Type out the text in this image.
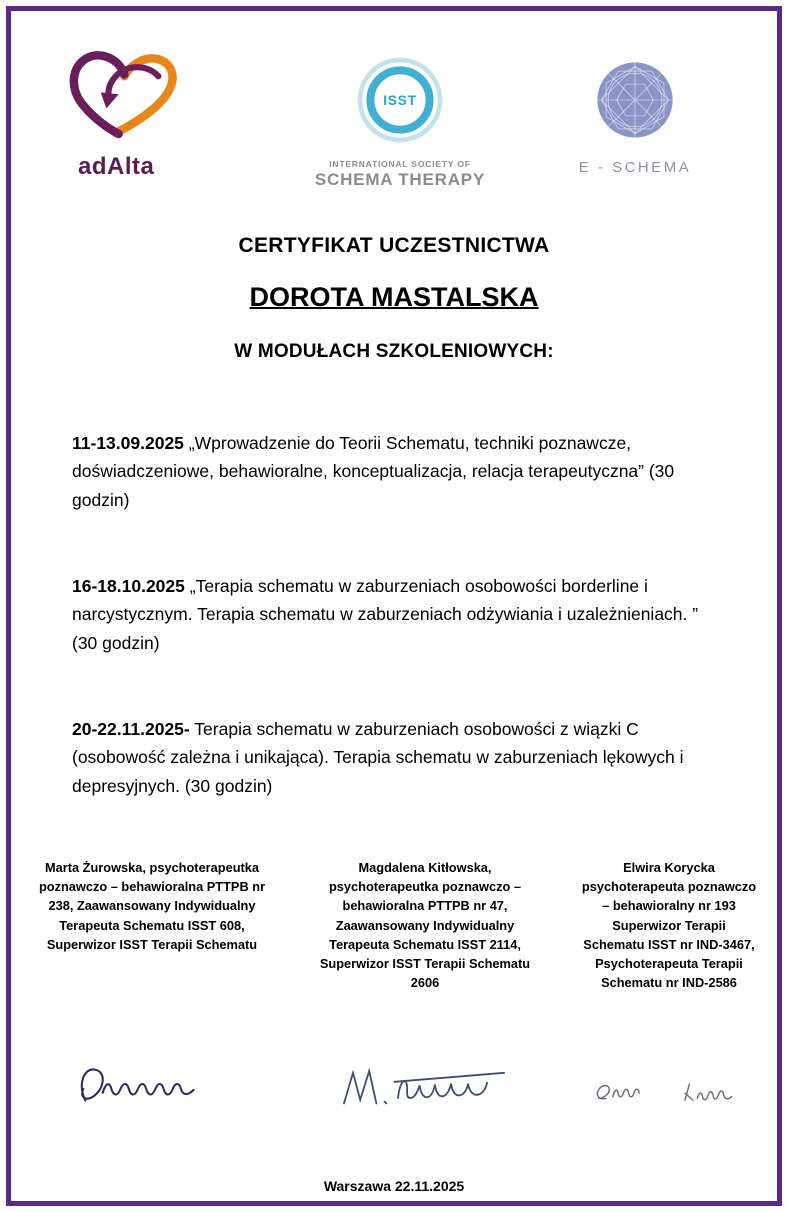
adAlta
ISST
INTERNATIONAL SOCIETY OF
SCHEMA THERAPY
E - SCHEMA
CERTYFIKAT UCZESTNICTWA
DOROTA MASTALSKA
W MODUŁACH SZKOLENIOWYCH:

11-13.09.2025 „Wprowadzenie do Teorii Schematu, techniki poznawcze, doświadczeniowe, behawioralne, konceptualizacja, relacja terapeutyczna” (30 godzin)

16-18.10.2025 „Terapia schematu w zaburzeniach osobowości borderline i narcystycznym. Terapia schematu w zaburzeniach odżywiania i uzależnieniach. ” (30 godzin)

20-22.11.2025- Terapia schematu w zaburzeniach osobowości z wiązki C (osobowość zależna i unikająca). Terapia schematu w zaburzeniach lękowych i depresyjnych. (30 godzin)

Marta Żurowska, psychoterapeutka poznawczo – behawioralna PTTPB nr 238, Zaawansowany Indywidualny Terapeuta Schematu ISST 608, Superwizor ISST Terapii Schematu
Magdalena Kitłowska, psychoterapeutka poznawczo – behawioralna PTTPB nr 47, Zaawansowany Indywidualny Terapeuta Schematu ISST 2114, Superwizor ISST Terapii Schematu 2606
Elwira Korycka psychoterapeuta poznawczo – behawioralny nr 193 Superwizor Terapii Schematu ISST nr IND-3467, Psychoterapeuta Terapii Schematu nr IND-2586
Warszawa 22.11.2025
